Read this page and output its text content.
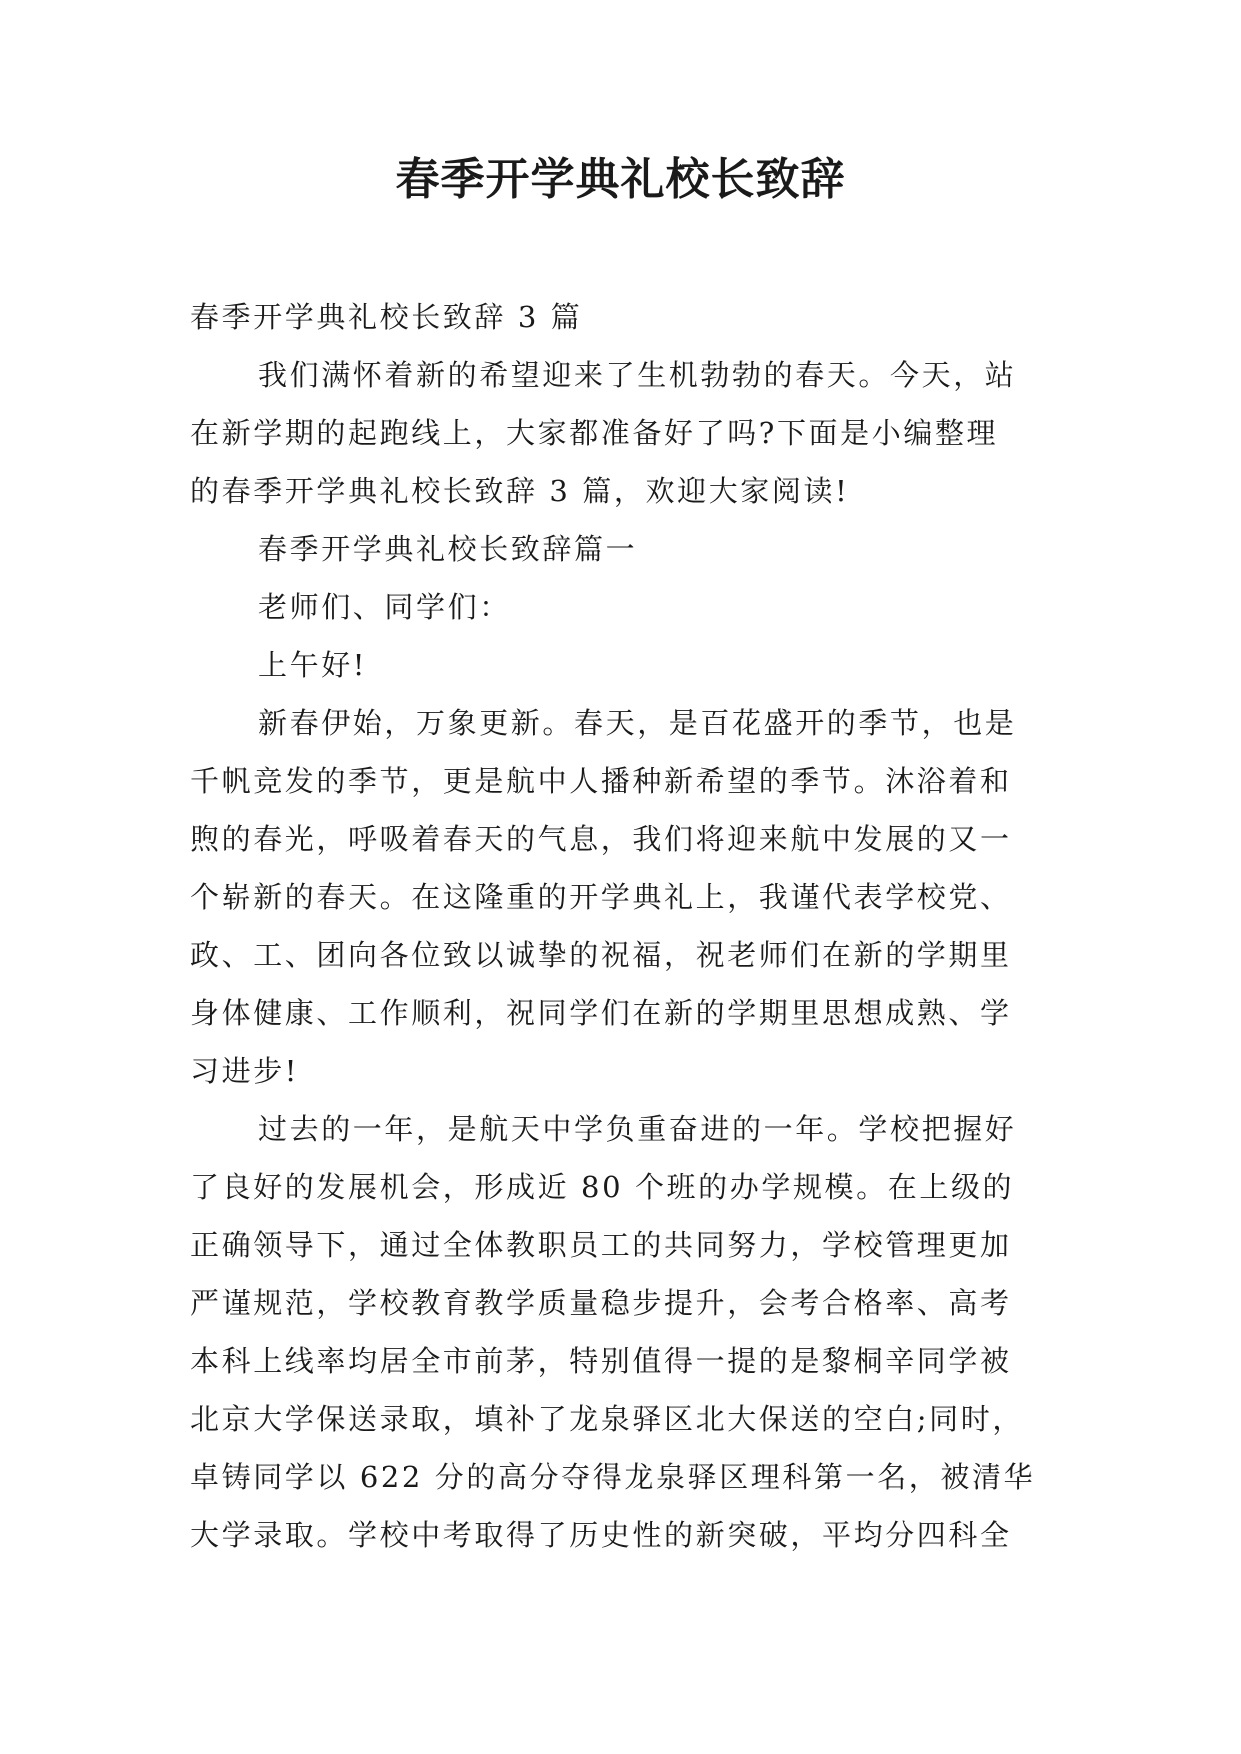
春季开学典礼校长致辞
春季开学典礼校长致辞 3 篇
我们满怀着新的希望迎来了生机勃勃的春天。今天，站
在新学期的起跑线上，大家都准备好了吗?下面是小编整理
的春季开学典礼校长致辞 3 篇，欢迎大家阅读!
春季开学典礼校长致辞篇一
老师们、同学们：
上午好!
新春伊始，万象更新。春天，是百花盛开的季节，也是
千帆竞发的季节，更是航中人播种新希望的季节。沐浴着和
煦的春光，呼吸着春天的气息，我们将迎来航中发展的又一
个崭新的春天。在这隆重的开学典礼上，我谨代表学校党、
政、工、团向各位致以诚挚的祝福，祝老师们在新的学期里
身体健康、工作顺利，祝同学们在新的学期里思想成熟、学
习进步!
过去的一年，是航天中学负重奋进的一年。学校把握好
了良好的发展机会，形成近 80 个班的办学规模。在上级的
正确领导下，通过全体教职员工的共同努力，学校管理更加
严谨规范，学校教育教学质量稳步提升，会考合格率、高考
本科上线率均居全市前茅，特别值得一提的是黎桐辛同学被
北京大学保送录取，填补了龙泉驿区北大保送的空白;同时，
卓铸同学以 622 分的高分夺得龙泉驿区理科第一名，被清华
大学录取。学校中考取得了历史性的新突破，平均分四科全
